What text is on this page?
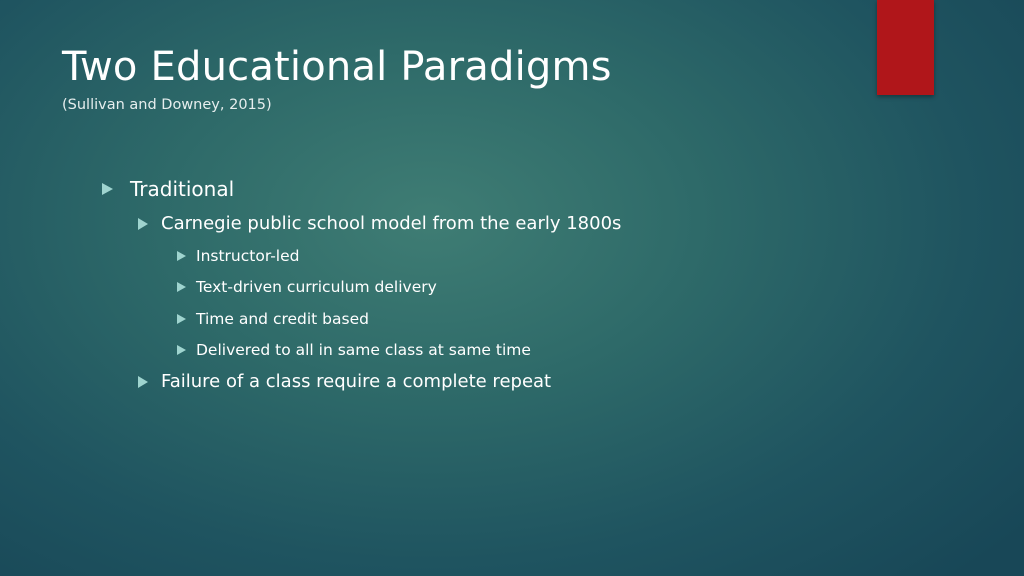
Two Educational Paradigms

(Sullivan and Downey, 2015)

Traditional
Carnegie public school model from the early 1800s
Instructor-led
Text-driven curriculum delivery
Time and credit based
Delivered to all in same class at same time
Failure of a class require a complete repeat
